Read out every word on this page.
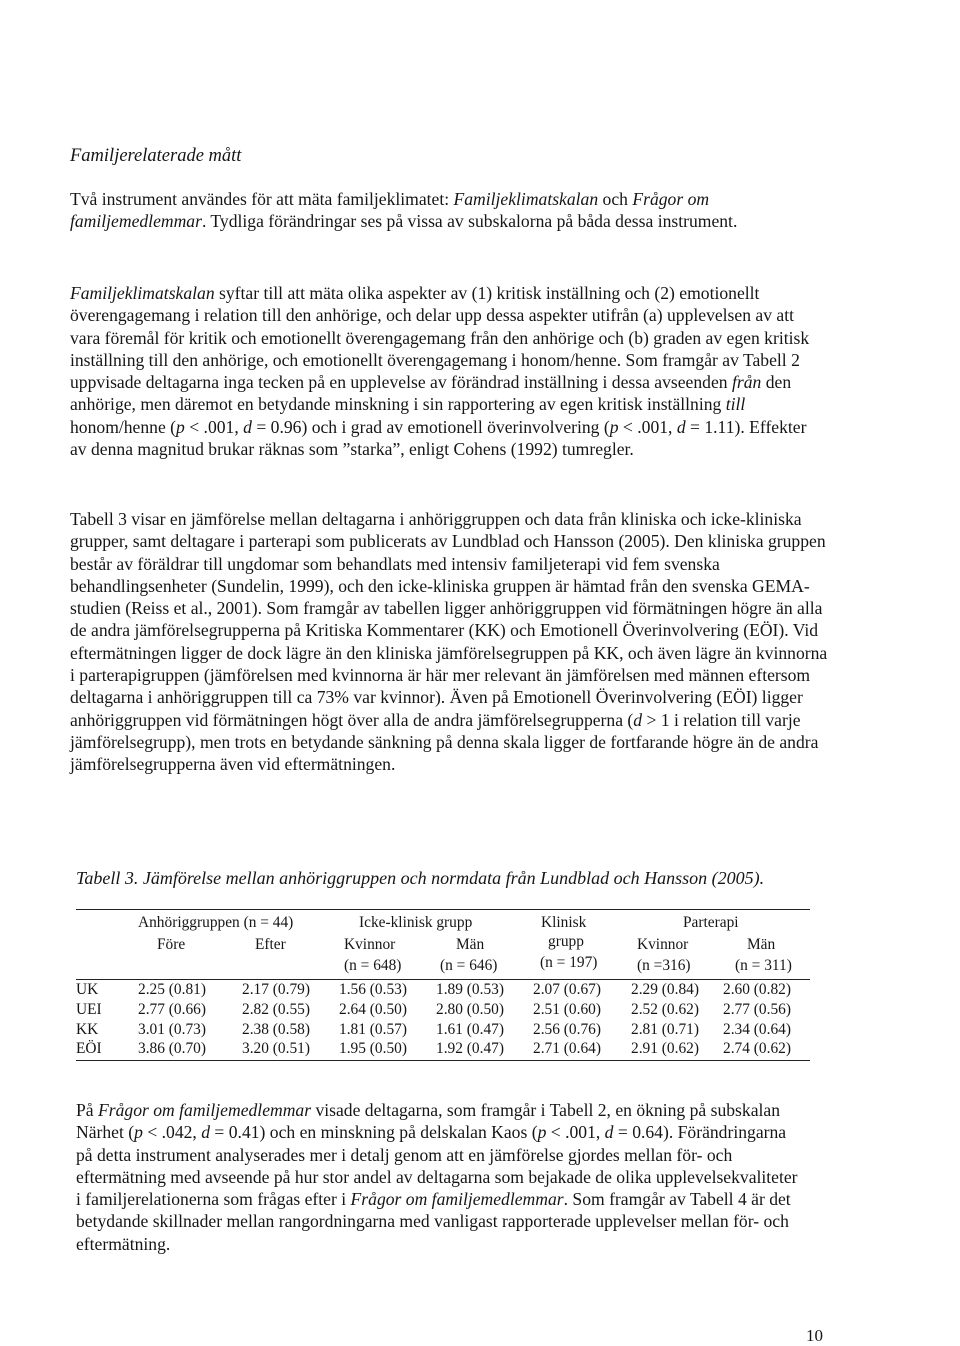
Familjerelaterade mått

Två instrument användes för att mäta familjeklimatet: Familjeklimatskalan och Frågor om familjemedlemmar. Tydliga förändringar ses på vissa av subskalorna på båda dessa instrument.

Familjeklimatskalan syftar till att mäta olika aspekter av (1) kritisk inställning och (2) emotionellt överengagemang i relation till den anhörige, och delar upp dessa aspekter utifrån (a) upplevelsen av att vara föremål för kritik och emotionellt överengagemang från den anhörige och (b) graden av egen kritisk inställning till den anhörige, och emotionellt överengagemang i honom/henne. Som framgår av Tabell 2 uppvisade deltagarna inga tecken på en upplevelse av förändrad inställning i dessa avseenden från den anhörige, men däremot en betydande minskning i sin rapportering av egen kritisk inställning till honom/henne (p < .001, d = 0.96) och i grad av emotionell överinvolvering (p < .001, d = 1.11). Effekter av denna magnitud brukar räknas som ”starka”, enligt Cohens (1992) tumregler.

Tabell 3 visar en jämförelse mellan deltagarna i anhöriggruppen och data från kliniska och icke-kliniska grupper, samt deltagare i parterapi som publicerats av Lundblad och Hansson (2005). Den kliniska gruppen består av föräldrar till ungdomar som behandlats med intensiv familjeterapi vid fem svenska behandlingsenheter (Sundelin, 1999), och den icke-kliniska gruppen är hämtad från den svenska GEMA-studien (Reiss et al., 2001). Som framgår av tabellen ligger anhöriggruppen vid förmätningen högre än alla de andra jämförelsegrupperna på Kritiska Kommentarer (KK) och Emotionell Överinvolvering (EÖI). Vid eftermätningen ligger de dock lägre än den kliniska jämförelsegruppen på KK, och även lägre än kvinnorna i parterapigruppen (jämförelsen med kvinnorna är här mer relevant än jämförelsen med männen eftersom deltagarna i anhöriggruppen till ca 73% var kvinnor). Även på Emotionell Överinvolvering (EÖI) ligger anhöriggruppen vid förmätningen högt över alla de andra jämförelsegrupperna (d > 1 i relation till varje jämförelsegrupp), men trots en betydande sänkning på denna skala ligger de fortfarande högre än de andra jämförelsegrupperna även vid eftermätningen.

Tabell 3. Jämförelse mellan anhöriggruppen och normdata från Lundblad och Hansson (2005).
Anhöriggruppen (n = 44)	Icke-klinisk grupp	Klinisk	Parterapi
Före	Efter	Kvinnor	Män	grupp	Kvinnor	Män
(n = 648)	(n = 646)	(n = 197)	(n =316)	(n = 311)
UK	2.25 (0.81) 2.17 (0.79) 1.56 (0.53) 1.89 (0.53) 2.07 (0.67) 2.29 (0.84) 2.60 (0.82)
UEI 2.77 (0.66) 2.82 (0.55) 2.64 (0.50) 2.80 (0.50) 2.51 (0.60) 2.52 (0.62) 2.77 (0.56)
KK	3.01 (0.73) 2.38 (0.58) 1.81 (0.57) 1.61 (0.47) 2.56 (0.76) 2.81 (0.71) 2.34 (0.64)
EÖI 3.86 (0.70) 3.20 (0.51) 1.95 (0.50) 1.92 (0.47) 2.71 (0.64) 2.91 (0.62) 2.74 (0.62)

På Frågor om familjemedlemmar visade deltagarna, som framgår i Tabell 2, en ökning på subskalan Närhet (p < .042, d = 0.41) och en minskning på delskalan Kaos (p < .001, d = 0.64). Förändringarna på detta instrument analyserades mer i detalj genom att en jämförelse gjordes mellan för- och eftermätning med avseende på hur stor andel av deltagarna som bejakade de olika upplevelsekvaliteter i familjerelationerna som frågas efter i Frågor om familjemedlemmar. Som framgår av Tabell 4 är det betydande skillnader mellan rangordningarna med vanligast rapporterade upplevelser mellan för- och eftermätning.

10
